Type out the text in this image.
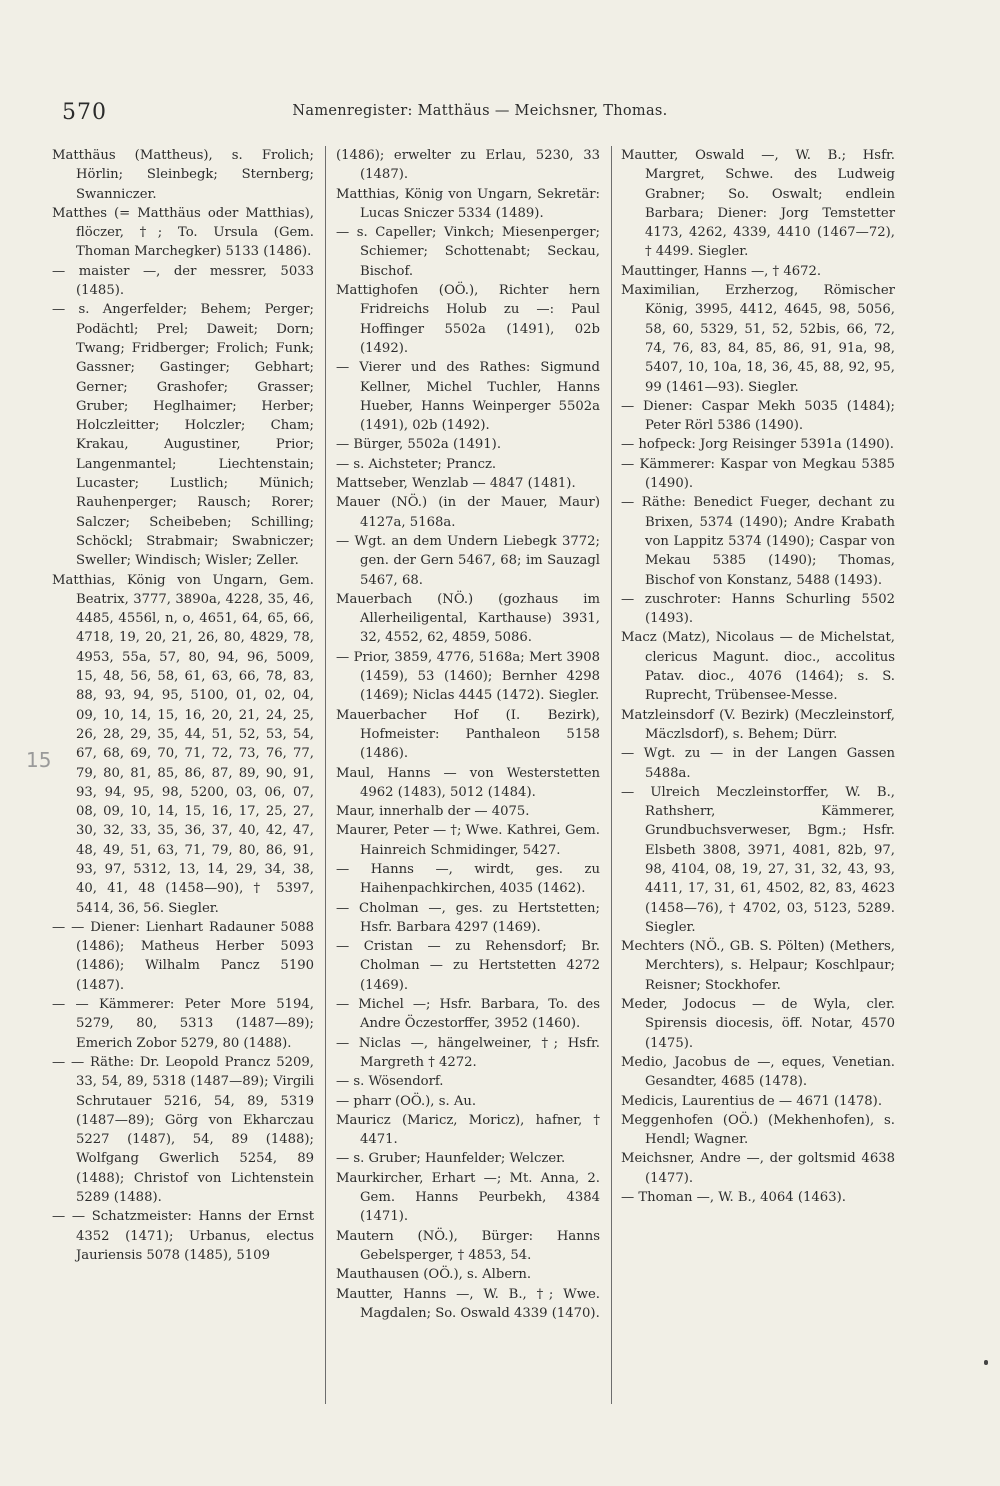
570	Namenregister: Matthäus — Meichsner, Thomas.

Matthäus (Mattheus), s. Frolich; Hörlin; Sleinbegk; Sternberg; Swanniczer.

Matthes (= Matthäus oder Matthias), flöczer, †; To. Ursula (Gem. Thoman Marchegker) 5133 (1486).

— maister —, der messrer, 5033 (1485).

— s. Angerfelder; Behem; Perger; Podächtl; Prel; Daweit; Dorn; Twang; Fridberger; Frolich; Funk; Gassner; Gastinger; Gebhart; Gerner; Grashofer; Grasser; Gruber; Heglhaimer; Herber; Holczleitter; Holczler; Cham; Krakau, Augustiner, Prior; Langenmantel; Liechtenstain; Lucaster; Lustlich; Münich; Rauhenperger; Rausch; Rorer; Salczer; Scheibeben; Schilling; Schöckl; Strabmair; Swabniczer; Sweller; Windisch; Wisler; Zeller.

Matthias, König von Ungarn, Gem. Beatrix, 3777, 3890a, 4228, 35, 46, 4485, 4556l, n, o, 4651, 64, 65, 66, 4718, 19, 20, 21, 26, 80, 4829, 78, 4953, 55a, 57, 80, 94, 96, 5009, 15, 48, 56, 58, 61, 63, 66, 78, 83, 88, 93, 94, 95, 5100, 01, 02, 04, 09, 10, 14, 15, 16, 20, 21, 24, 25, 26, 28, 29, 35, 44, 51, 52, 53, 54, 67, 68, 69, 70, 71, 72, 73, 76, 77, 79, 80, 81, 85, 86, 87, 89, 90, 91, 93, 94, 95, 98, 5200, 03, 06, 07, 08, 09, 10, 14, 15, 16, 17, 25, 27, 30, 32, 33, 35, 36, 37, 40, 42, 47, 48, 49, 51, 63, 71, 79, 80, 86, 91, 93, 97, 5312, 13, 14, 29, 34, 38, 40, 41, 48 (1458—90), † 5397, 5414, 36, 56. Siegler.

— — Diener: Lienhart Radauner 5088 (1486); Matheus Herber 5093 (1486); Wilhalm Pancz 5190 (1487).

— — Kämmerer: Peter More 5194, 5279, 80, 5313 (1487—89); Emerich Zobor 5279, 80 (1488).

— — Räthe: Dr. Leopold Prancz 5209, 33, 54, 89, 5318 (1487—89); Virgili Schrutauer 5216, 54, 89, 5319 (1487—89); Görg von Ekharczau 5227 (1487), 54, 89 (1488); Wolfgang Gwerlich 5254, 89 (1488); Christof von Lichtenstein 5289 (1488).

— — Schatzmeister: Hanns der Ernst 4352 (1471); Urbanus, electus Jauriensis 5078 (1485), 5109

(1486); erwelter zu Erlau, 5230, 33 (1487).

Matthias, König von Ungarn, Sekretär: Lucas Sniczer 5334 (1489).

— s. Capeller; Vinkch; Miesenperger; Schiemer; Schottenabt; Seckau, Bischof.

Mattighofen (OÖ.), Richter hern Fridreichs Holub zu —: Paul Hoffinger 5502a (1491), 02b (1492).

— Vierer und des Rathes: Sigmund Kellner, Michel Tuchler, Hanns Hueber, Hanns Weinperger 5502a (1491), 02b (1492).

— Bürger, 5502a (1491).

— s. Aichsteter; Prancz.

Mattseber, Wenzlab — 4847 (1481).

Mauer (NÖ.) (in der Mauer, Maur) 4127a, 5168a.

— Wgt. an dem Undern Liebegk 3772; gen. der Gern 5467, 68; im Sauzagl 5467, 68.

Mauerbach (NÖ.) (gozhaus im Allerheiligental, Karthause) 3931, 32, 4552, 62, 4859, 5086.

— Prior, 3859, 4776, 5168a; Mert 3908 (1459), 53 (1460); Bernher 4298 (1469); Niclas 4445 (1472). Siegler.

Mauerbacher Hof (I. Bezirk), Hofmeister: Panthaleon 5158 (1486).

Maul, Hanns — von Westerstetten 4962 (1483), 5012 (1484).

Maur, innerhalb der — 4075.

Maurer, Peter — †; Wwe. Kathrei, Gem. Hainreich Schmidinger, 5427.

— Hanns —, wirdt, ges. zu Haihenpachkirchen, 4035 (1462).

— Cholman —, ges. zu Hertstetten; Hsfr. Barbara 4297 (1469).

— Cristan — zu Rehensdorf; Br. Cholman — zu Hertstetten 4272 (1469).

— Michel —; Hsfr. Barbara, To. des Andre Öczestorffer, 3952 (1460).

— Niclas —, hängelweiner, †; Hsfr. Margreth † 4272.

— s. Wösendorf.

— pharr (OÖ.), s. Au.

Mauricz (Maricz, Moricz), hafner, † 4471.

— s. Gruber; Haunfelder; Welczer.

Maurkircher, Erhart —; Mt. Anna, 2. Gem. Hanns Peurbekh, 4384 (1471).

Mautern (NÖ.), Bürger: Hanns Gebelsperger, † 4853, 54.

Mauthausen (OÖ.), s. Albern.

Mautter, Hanns —, W. B., †; Wwe. Magdalen; So. Oswald 4339 (1470).

Mautter, Oswald —, W. B.; Hsfr. Margret, Schwe. des Ludweig Grabner; So. Oswalt; endlein Barbara; Diener: Jorg Temstetter 4173, 4262, 4339, 4410 (1467—72), † 4499. Siegler.

Mauttinger, Hanns —, † 4672.

Maximilian, Erzherzog, Römischer König, 3995, 4412, 4645, 98, 5056, 58, 60, 5329, 51, 52, 52bis, 66, 72, 74, 76, 83, 84, 85, 86, 91, 91a, 98, 5407, 10, 10a, 18, 36, 45, 88, 92, 95, 99 (1461—93). Siegler.

— Diener: Caspar Mekh 5035 (1484); Peter Rörl 5386 (1490).

— hofpeck: Jorg Reisinger 5391a (1490).

— Kämmerer: Kaspar von Megkau 5385 (1490).

— Räthe: Benedict Fueger, dechant zu Brixen, 5374 (1490); Andre Krabath von Lappitz 5374 (1490); Caspar von Mekau 5385 (1490); Thomas, Bischof von Konstanz, 5488 (1493).

— zuschroter: Hanns Schurling 5502 (1493).

Macz (Matz), Nicolaus — de Michelstat, clericus Magunt. dioc., accolitus Patav. dioc., 4076 (1464); s. S. Ruprecht, Trübensee-Messe.

Matzleinsdorf (V. Bezirk) (Meczleinstorf, Mäczlsdorf), s. Behem; Dürr.

— Wgt. zu — in der Langen Gassen 5488a.

— Ulreich Meczleinstorffer, W. B., Rathsherr, Kämmerer, Grundbuchsverweser, Bgm.; Hsfr. Elsbeth 3808, 3971, 4081, 82b, 97, 98, 4104, 08, 19, 27, 31, 32, 43, 93, 4411, 17, 31, 61, 4502, 82, 83, 4623 (1458—76), † 4702, 03, 5123, 5289. Siegler.

Mechters (NÖ., GB. S. Pölten) (Methers, Merchters), s. Helpaur; Koschlpaur; Reisner; Stockhofer.

Meder, Jodocus — de Wyla, cler. Spirensis diocesis, öff. Notar, 4570 (1475).

Medio, Jacobus de —, eques, Venetian. Gesandter, 4685 (1478).

Medicis, Laurentius de — 4671 (1478).

Meggenhofen (OÖ.) (Mekhenhofen), s. Hendl; Wagner.

Meichsner, Andre —, der goltsmid 4638 (1477).

— Thoman —, W. B., 4064 (1463).

15
